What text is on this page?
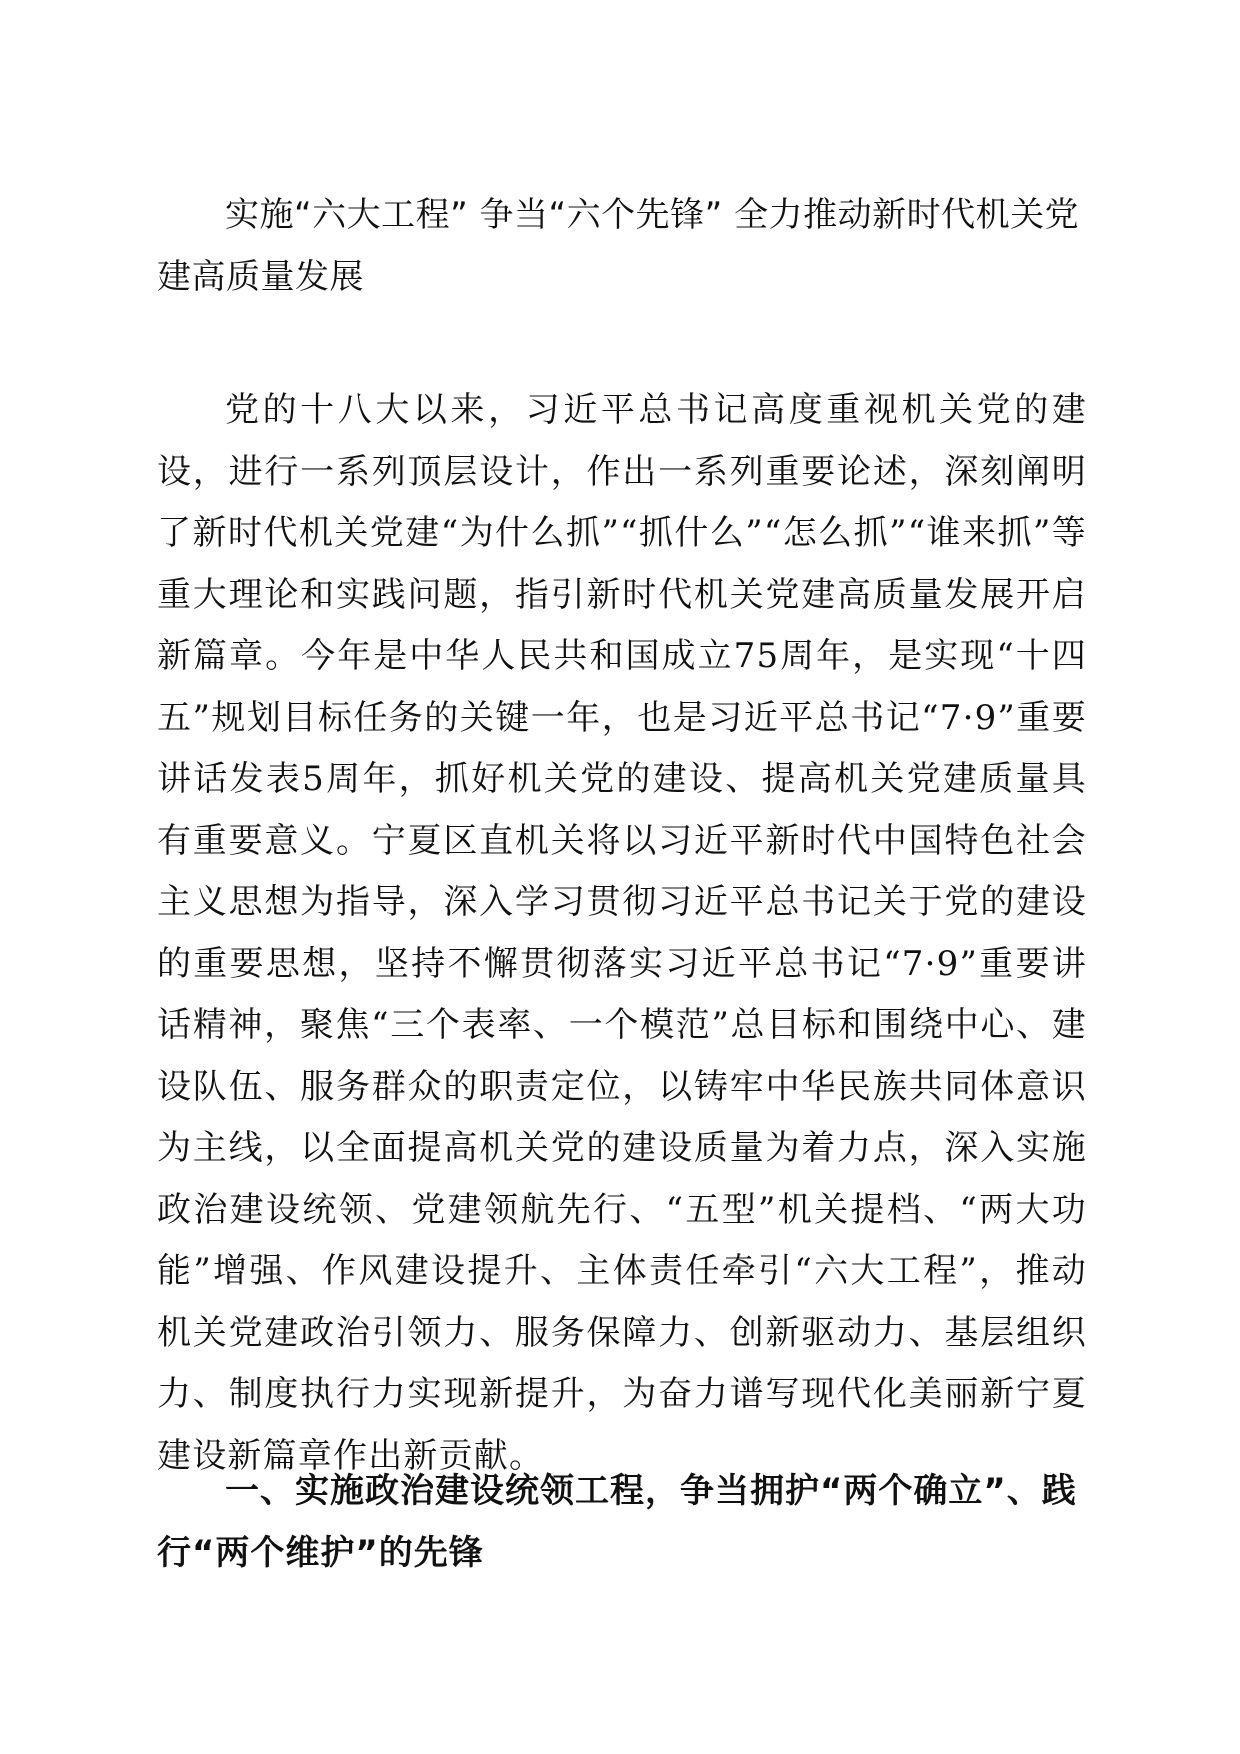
实施“六大工程” 争当“六个先锋” 全力推动新时代机关党建高质量发展

党的十八大以来，习近平总书记高度重视机关党的建设，进行一系列顶层设计，作出一系列重要论述，深刻阐明了新时代机关党建“为什么抓”“抓什么”“怎么抓”“谁来抓”等重大理论和实践问题，指引新时代机关党建高质量发展开启新篇章。今年是中华人民共和国成立75周年，是实现“十四五”规划目标任务的关键一年，也是习近平总书记“7·9”重要讲话发表5周年，抓好机关党的建设、提高机关党建质量具有重要意义。宁夏区直机关将以习近平新时代中国特色社会主义思想为指导，深入学习贯彻习近平总书记关于党的建设的重要思想，坚持不懈贯彻落实习近平总书记“7·9”重要讲话精神，聚焦“三个表率、一个模范”总目标和围绕中心、建设队伍、服务群众的职责定位，以铸牢中华民族共同体意识为主线，以全面提高机关党的建设质量为着力点，深入实施政治建设统领、党建领航先行、“五型”机关提档、“两大功能”增强、作风建设提升、主体责任牵引“六大工程”，推动机关党建政治引领力、服务保障力、创新驱动力、基层组织力、制度执行力实现新提升，为奋力谱写现代化美丽新宁夏建设新篇章作出新贡献。

一、实施政治建设统领工程，争当拥护“两个确立”、践行“两个维护”的先锋
